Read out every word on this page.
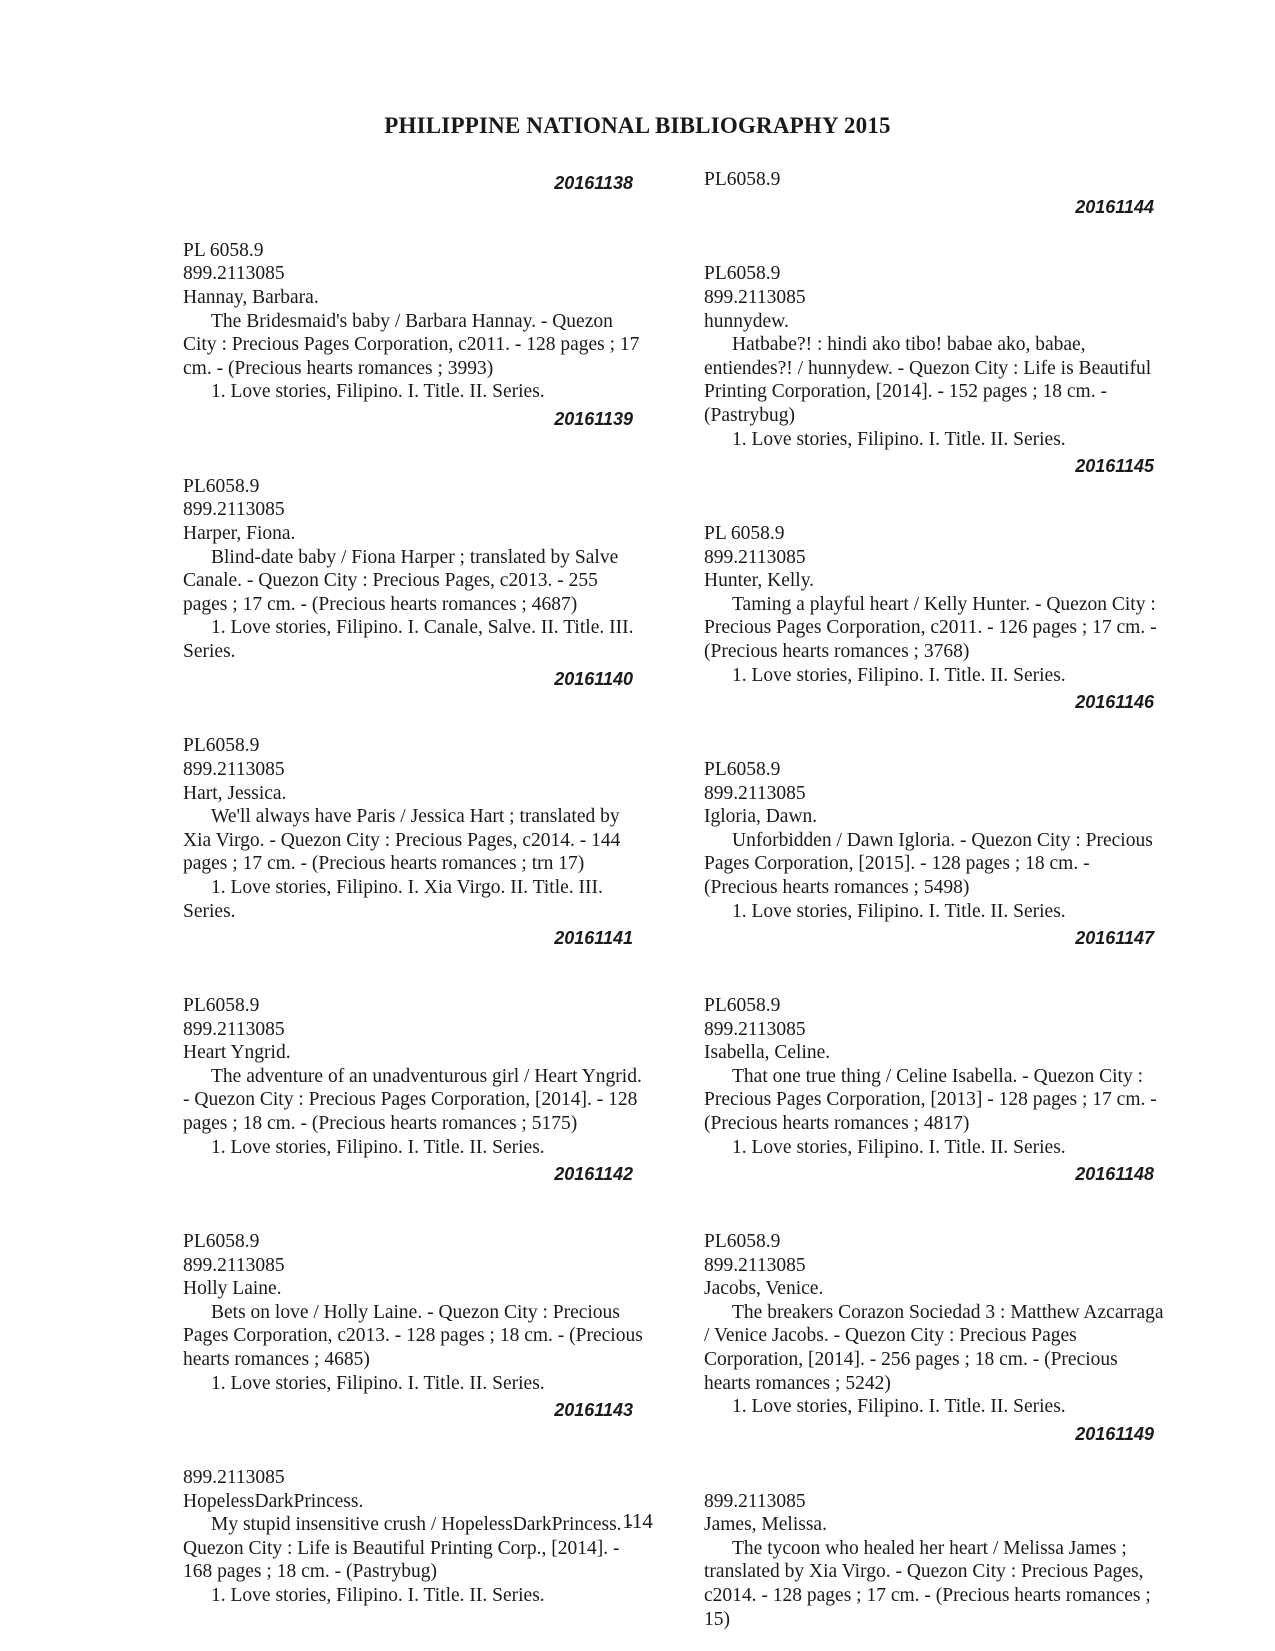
PHILIPPINE NATIONAL BIBLIOGRAPHY 2015
20161138
PL 6058.9
899.2113085
Hannay, Barbara.
The Bridesmaid's baby / Barbara Hannay. - Quezon
City : Precious Pages Corporation, c2011. - 128 pages ; 17
cm. - (Precious hearts romances ; 3993)
1. Love stories, Filipino. I. Title. II. Series.
20161139
PL6058.9
899.2113085
Harper, Fiona.
Blind-date baby / Fiona Harper ; translated by Salve
Canale. - Quezon City : Precious Pages, c2013. - 255
pages ; 17 cm. - (Precious hearts romances ; 4687)
1. Love stories, Filipino. I. Canale, Salve. II. Title. III.
Series.
20161140
PL6058.9
899.2113085
Hart, Jessica.
We'll always have Paris / Jessica Hart ; translated by
Xia Virgo. - Quezon City : Precious Pages, c2014. - 144
pages ; 17 cm. - (Precious hearts romances ; trn 17)
1. Love stories, Filipino. I. Xia Virgo. II. Title. III.
Series.
20161141
PL6058.9
899.2113085
Heart Yngrid.
The adventure of an unadventurous girl / Heart Yngrid.
- Quezon City : Precious Pages Corporation, [2014]. - 128
pages ; 18 cm. - (Precious hearts romances ; 5175)
1. Love stories, Filipino. I. Title. II. Series.
20161142
PL6058.9
899.2113085
Holly Laine.
Bets on love / Holly Laine. - Quezon City : Precious
Pages Corporation, c2013. - 128 pages ; 18 cm. - (Precious
hearts romances ; 4685)
1. Love stories, Filipino. I. Title. II. Series.
20161143
899.2113085
HopelessDarkPrincess.
My stupid insensitive crush / HopelessDarkPrincess. -
Quezon City : Life is Beautiful Printing Corp., [2014]. -
168 pages ; 18 cm. - (Pastrybug)
1. Love stories, Filipino. I. Title. II. Series.
PL6058.9
20161144
PL6058.9
899.2113085
hunnydew.
Hatbabe?! : hindi ako tibo! babae ako, babae,
entiendes?! / hunnydew. - Quezon City : Life is Beautiful
Printing Corporation, [2014]. - 152 pages ; 18 cm. -
(Pastrybug)
1. Love stories, Filipino. I. Title. II. Series.
20161145
PL 6058.9
899.2113085
Hunter, Kelly.
Taming a playful heart / Kelly Hunter. - Quezon City :
Precious Pages Corporation, c2011. - 126 pages ; 17 cm. -
(Precious hearts romances ; 3768)
1. Love stories, Filipino. I. Title. II. Series.
20161146
PL6058.9
899.2113085
Igloria, Dawn.
Unforbidden / Dawn Igloria. - Quezon City : Precious
Pages Corporation, [2015]. - 128 pages ; 18 cm. -
(Precious hearts romances ; 5498)
1. Love stories, Filipino. I. Title. II. Series.
20161147
PL6058.9
899.2113085
Isabella, Celine.
That one true thing / Celine Isabella. - Quezon City :
Precious Pages Corporation, [2013] - 128 pages ; 17 cm. -
(Precious hearts romances ; 4817)
1. Love stories, Filipino. I. Title. II. Series.
20161148
PL6058.9
899.2113085
Jacobs, Venice.
The breakers Corazon Sociedad 3 : Matthew Azcarraga
/ Venice Jacobs. - Quezon City : Precious Pages
Corporation, [2014]. - 256 pages ; 18 cm. - (Precious
hearts romances ; 5242)
1. Love stories, Filipino. I. Title. II. Series.
20161149
899.2113085
James, Melissa.
The tycoon who healed her heart / Melissa James ;
translated by Xia Virgo. - Quezon City : Precious Pages,
c2014. - 128 pages ; 17 cm. - (Precious hearts romances ;
15)
114
